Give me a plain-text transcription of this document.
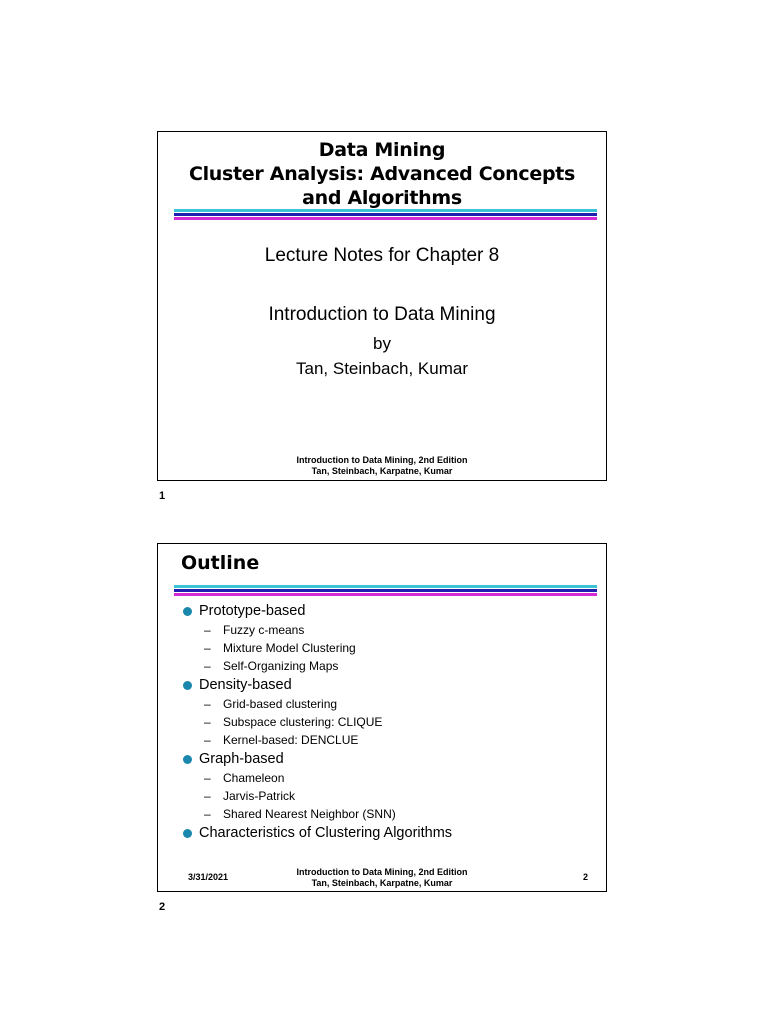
Data Mining
Cluster Analysis: Advanced Concepts
and Algorithms
Lecture Notes for Chapter 8
Introduction to Data Mining
by
Tan, Steinbach, Kumar
Introduction to Data Mining, 2nd Edition
Tan, Steinbach, Karpatne, Kumar
1
Outline
Prototype-based
– Fuzzy c-means
– Mixture Model Clustering
– Self-Organizing Maps
Density-based
– Grid-based clustering
– Subspace clustering: CLIQUE
– Kernel-based: DENCLUE
Graph-based
– Chameleon
– Jarvis-Patrick
– Shared Nearest Neighbor (SNN)
Characteristics of Clustering Algorithms
3/31/2021	Introduction to Data Mining, 2nd Edition
Tan, Steinbach, Karpatne, Kumar
2
2
